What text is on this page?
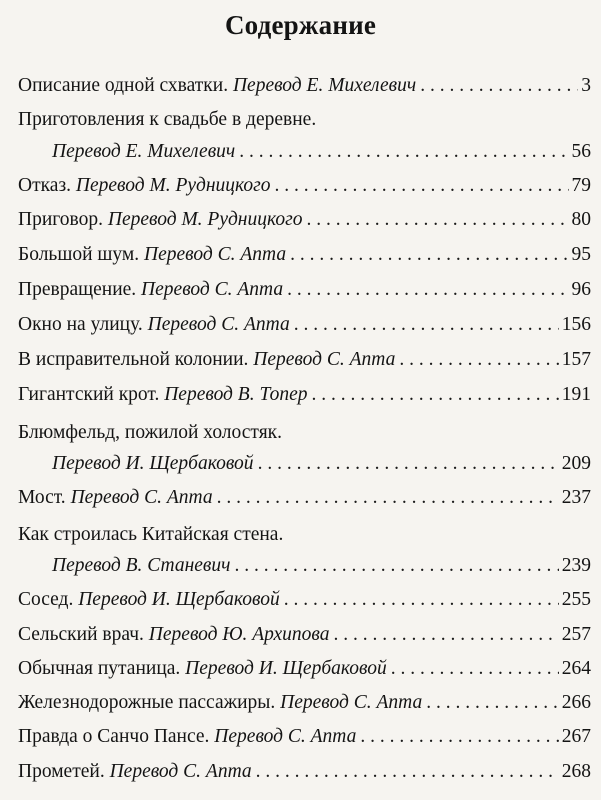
Содержание
Описание одной схватки. Перевод Е. Михелевич . . .	3
Приготовления к свадьбе в деревне.
Перевод Е. Михелевич . . .	56
Отказ. Перевод М. Рудницкого . . .	79
Приговор. Перевод М. Рудницкого . . .	80
Большой шум. Перевод С. Апта . . .	95
Превращение. Перевод С. Апта . . .	96
Окно на улицу. Перевод С. Апта . . .	156
В исправительной колонии. Перевод С. Апта . . .	157
Гигантский крот. Перевод В. Топер . . .	191
Блюмфельд, пожилой холостяк.
Перевод И. Щербаковой . . .	209
Мост. Перевод С. Апта . . .	237
Как строилась Китайская стена.
Перевод В. Станевич . . .	239
Сосед. Перевод И. Щербаковой . . .	255
Сельский врач. Перевод Ю. Архипова . . .	257
Обычная путаница. Перевод И. Щербаковой . . .	264
Железнодорожные пассажиры. Перевод С. Апта . . .	266
Правда о Санчо Пансе. Перевод С. Апта . . .	267
Прометей. Перевод С. Апта . . .	268
